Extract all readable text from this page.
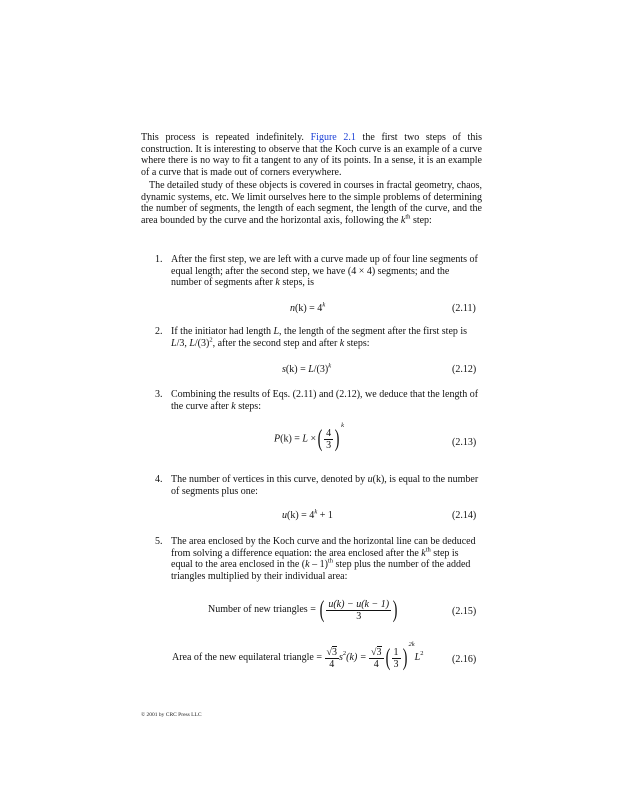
This process is repeated indefinitely. Figure 2.1 the first two steps of this construction. It is interesting to observe that the Koch curve is an example of a curve where there is no way to fit a tangent to any of its points. In a sense, it is an example of a curve that is made out of corners everywhere.
The detailed study of these objects is covered in courses in fractal geometry, chaos, dynamic systems, etc. We limit ourselves here to the simple problems of determining the number of segments, the length of each segment, the length of the curve, and the area bounded by the curve and the horizontal axis, following the $k^{th}$ step:
1. After the first step, we are left with a curve made up of four line segments of equal length; after the second step, we have (4 × 4) segments; and the number of segments after k steps, is
$n(k) = 4^k$	(2.11)
2. If the initiator had length L, the length of the segment after the first step is L/3, $L/(3)^2$, after the second step and after k steps:
$s(k) = L/(3)^k$	(2.12)
3. Combining the results of Eqs. (2.11) and (2.12), we deduce that the length of the curve after k steps:
P(k) = L ×( $\frac{4}{3} )^k$
(2.13)
4. The number of vertices in this curve, denoted by u(k), is equal to the number of segments plus one:
$u(k) = 4^k + 1$	(2.14)
5. The area enclosed by the Koch curve and the horizontal line can be deduced from solving a difference equation: the area enclosed after the $k^{th}$ step is equal to the area enclosed in the (k – 1)$^{th}$ step plus the number of the added triangles multiplied by their individual area:
Number of new triangles = ( $\frac{u(k) - u(k - 1)}{3}$ )	(2.15)
Area of the new equilateral triangle = $\frac{√3}{4} s^2(k) = \frac{√3}{4}$ ( $\frac{1}{3} )^{2k}L^2$
(2.16)
© 2001 by CRC Press LLC
